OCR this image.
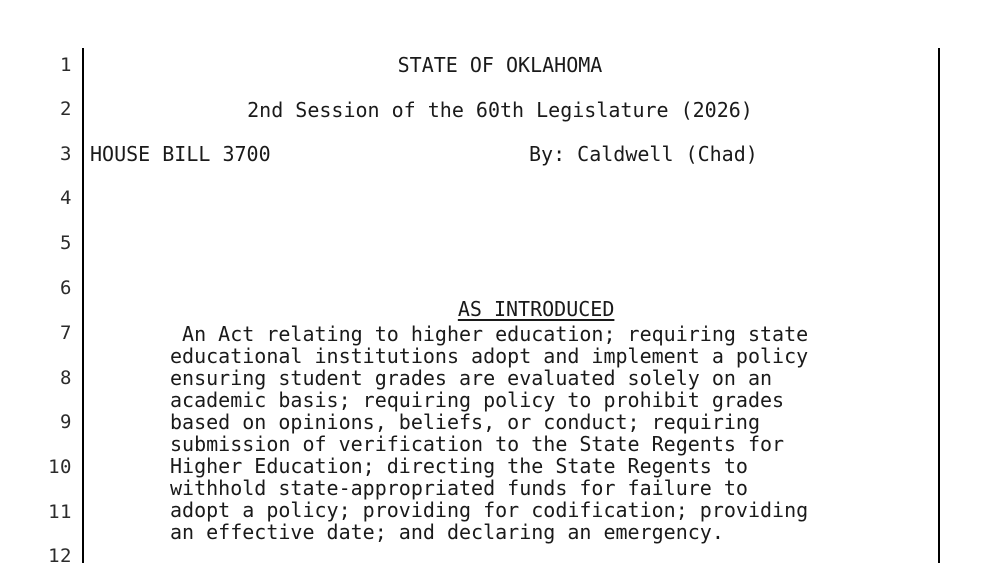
1
2
3
4
5
6
7
8
9
10
11
12
STATE OF OKLAHOMA
2nd Session of the 60th Legislature (2026)
HOUSE BILL 3700	By: Caldwell (Chad)

AS INTRODUCED

An Act relating to higher education; requiring state
educational institutions adopt and implement a policy
ensuring student grades are evaluated solely on an
academic basis; requiring policy to prohibit grades
based on opinions, beliefs, or conduct; requiring
submission of verification to the State Regents for
Higher Education; directing the State Regents to
withhold state-appropriated funds for failure to
adopt a policy; providing for codification; providing
an effective date; and declaring an emergency.
